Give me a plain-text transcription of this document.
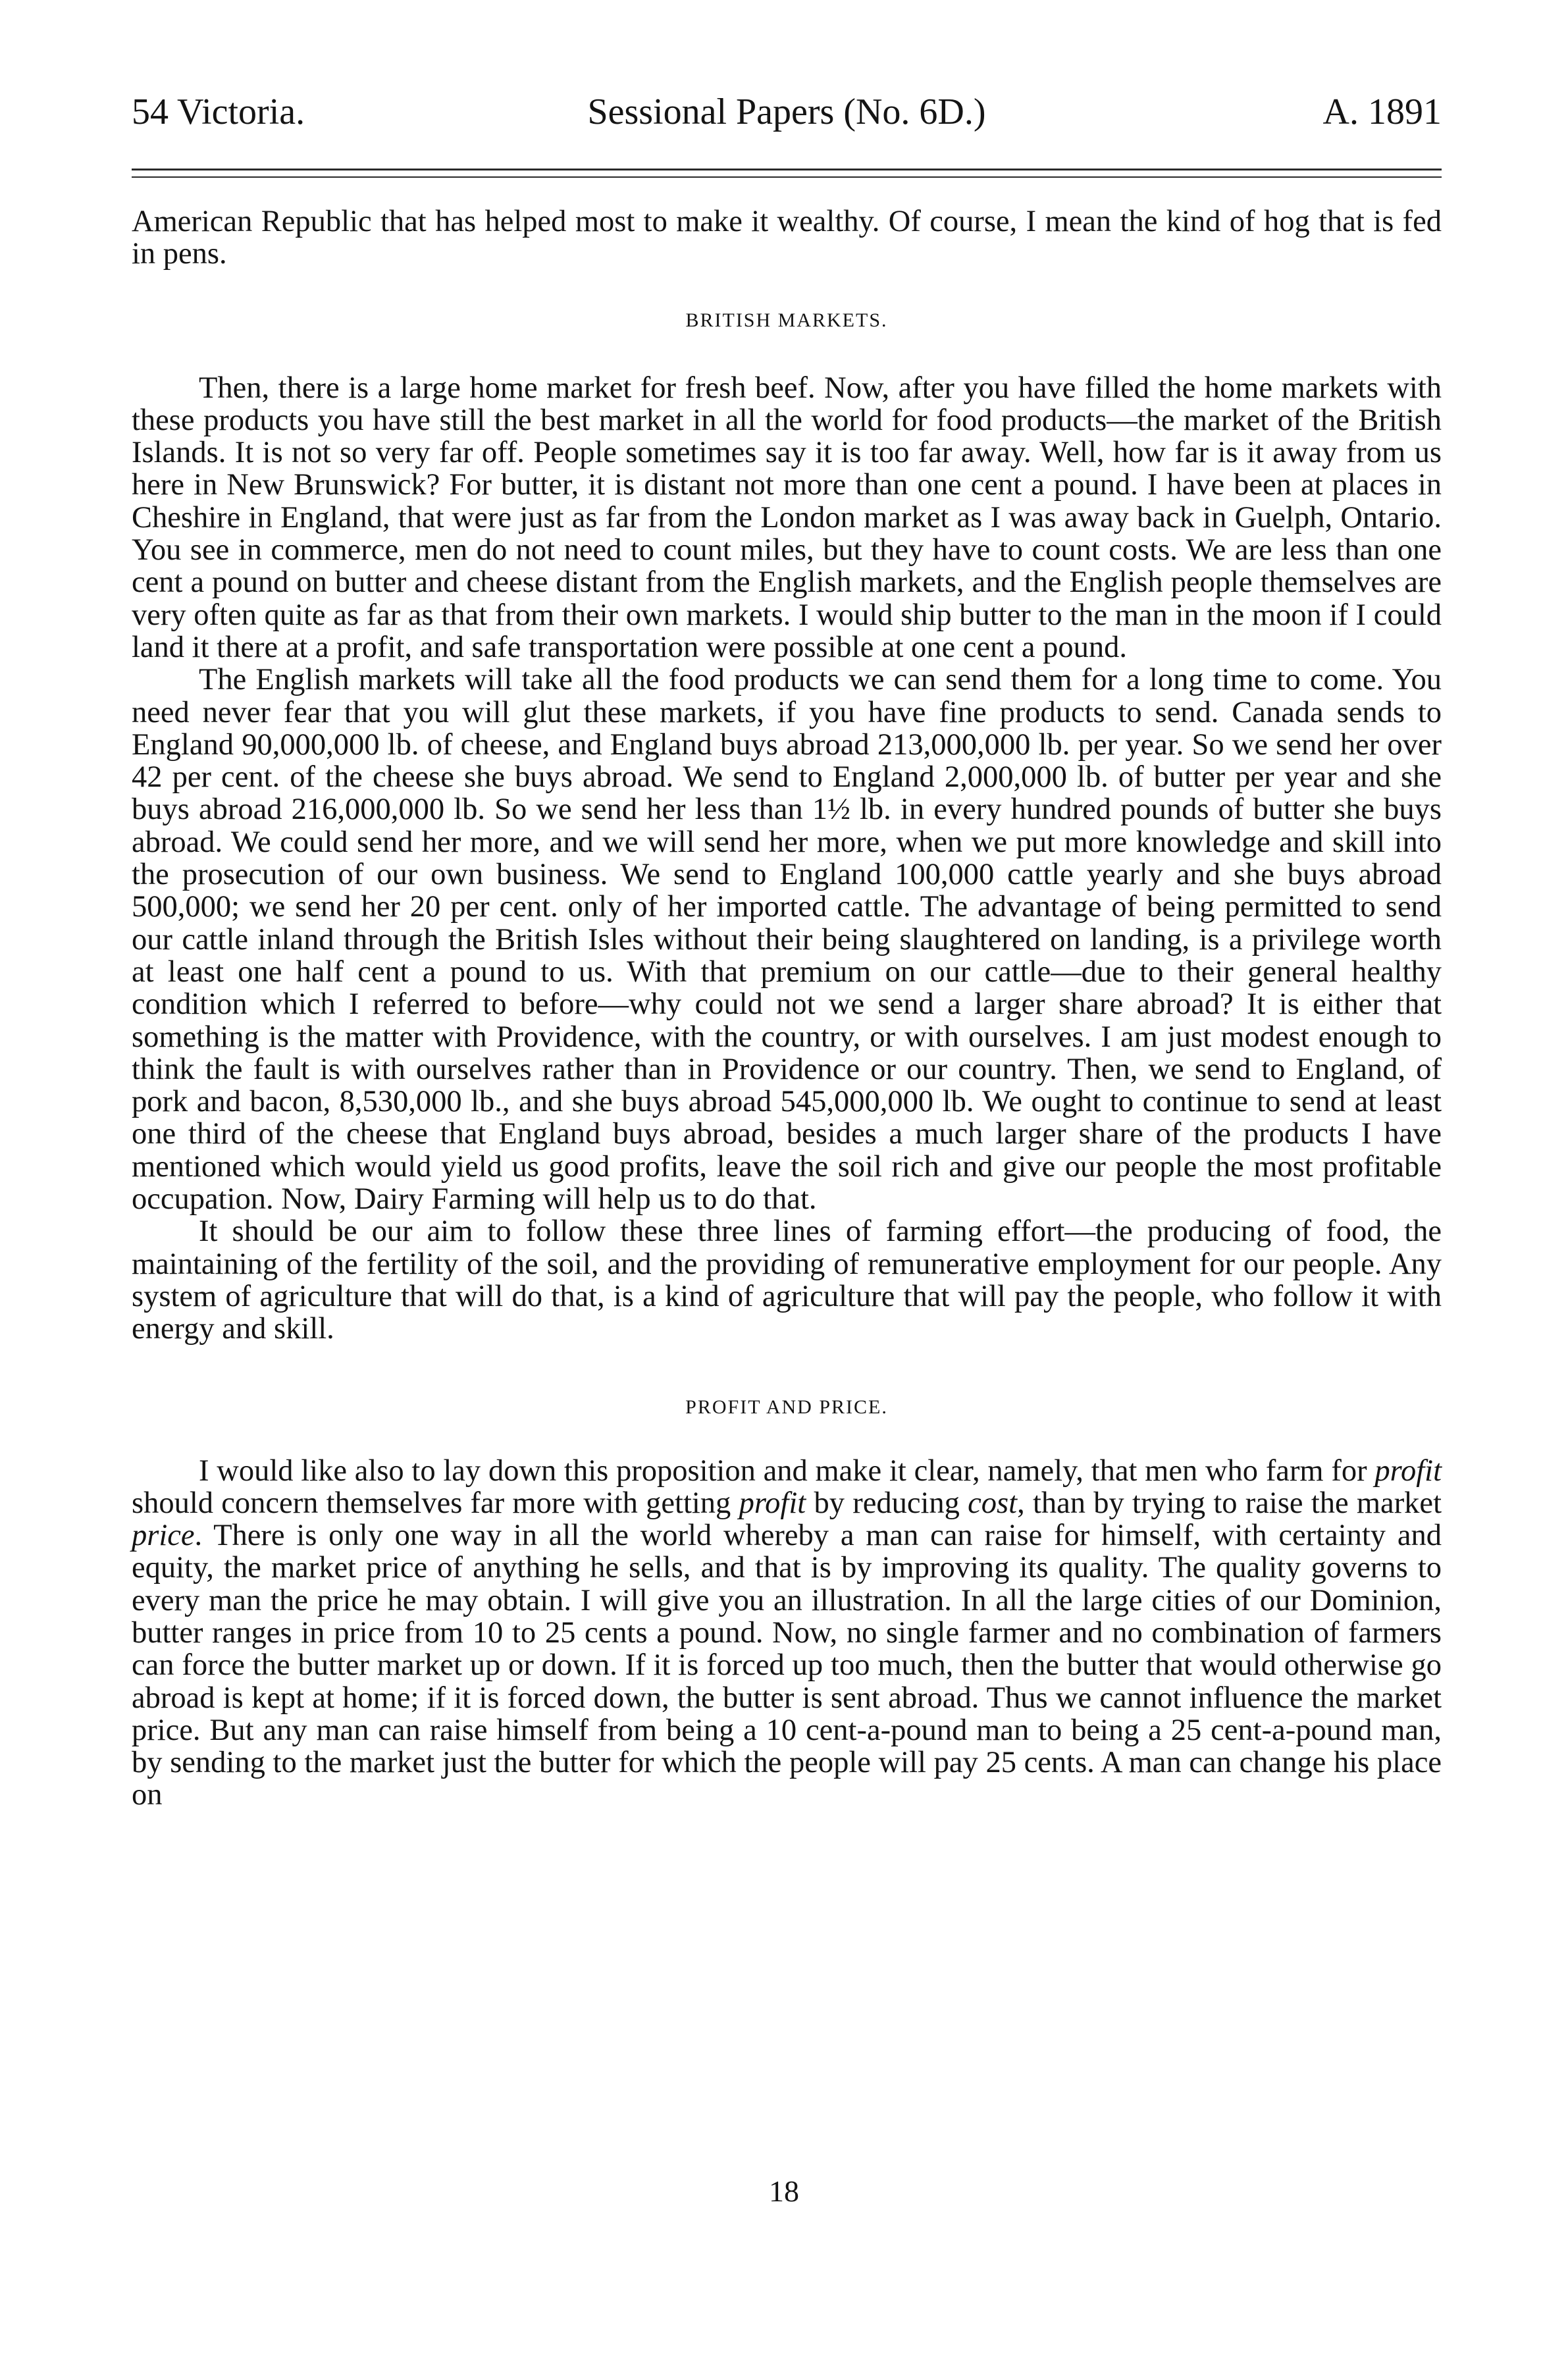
54 Victoria.	Sessional Papers (No. 6D.)	A. 1891

American Republic that has helped most to make it wealthy. Of course, I mean the kind of hog that is fed in pens.

BRITISH MARKETS.

Then, there is a large home market for fresh beef. Now, after you have filled the home markets with these products you have still the best market in all the world for food products—the market of the British Islands. It is not so very far off. People sometimes say it is too far away. Well, how far is it away from us here in New Brunswick? For butter, it is distant not more than one cent a pound. I have been at places in Cheshire in England, that were just as far from the London market as I was away back in Guelph, Ontario. You see in commerce, men do not need to count miles, but they have to count costs. We are less than one cent a pound on butter and cheese distant from the English markets, and the English people themselves are very often quite as far as that from their own markets. I would ship butter to the man in the moon if I could land it there at a profit, and safe transportation were possible at one cent a pound.

The English markets will take all the food products we can send them for a long time to come. You need never fear that you will glut these markets, if you have fine products to send. Canada sends to England 90,000,000 lb. of cheese, and England buys abroad 213,000,000 lb. per year. So we send her over 42 per cent. of the cheese she buys abroad. We send to England 2,000,000 lb. of butter per year and she buys abroad 216,000,000 lb. So we send her less than 1½ lb. in every hundred pounds of butter she buys abroad. We could send her more, and we will send her more, when we put more knowledge and skill into the prosecution of our own business. We send to England 100,000 cattle yearly and she buys abroad 500,000; we send her 20 per cent. only of her imported cattle. The advantage of being permitted to send our cattle inland through the British Isles without their being slaughtered on landing, is a privilege worth at least one half cent a pound to us. With that premium on our cattle—due to their general healthy condition which I referred to before—why could not we send a larger share abroad? It is either that something is the matter with Providence, with the country, or with ourselves. I am just modest enough to think the fault is with ourselves rather than in Providence or our country. Then, we send to England, of pork and bacon, 8,530,000 lb., and she buys abroad 545,000,000 lb. We ought to continue to send at least one third of the cheese that England buys abroad, besides a much larger share of the products I have mentioned which would yield us good profits, leave the soil rich and give our people the most profitable occupation. Now, Dairy Farming will help us to do that.

It should be our aim to follow these three lines of farming effort—the producing of food, the maintaining of the fertility of the soil, and the providing of remunerative employment for our people. Any system of agriculture that will do that, is a kind of agriculture that will pay the people, who follow it with energy and skill.

PROFIT AND PRICE.

I would like also to lay down this proposition and make it clear, namely, that men who farm for profit should concern themselves far more with getting profit by reducing cost, than by trying to raise the market price. There is only one way in all the world whereby a man can raise for himself, with certainty and equity, the market price of anything he sells, and that is by improving its quality. The quality governs to every man the price he may obtain. I will give you an illustration. In all the large cities of our Dominion, butter ranges in price from 10 to 25 cents a pound. Now, no single farmer and no combination of farmers can force the butter market up or down. If it is forced up too much, then the butter that would otherwise go abroad is kept at home; if it is forced down, the butter is sent abroad. Thus we cannot influence the market price. But any man can raise himself from being a 10 cent-a-pound man to being a 25 cent-a-pound man, by sending to the market just the butter for which the people will pay 25 cents. A man can change his place on

18
